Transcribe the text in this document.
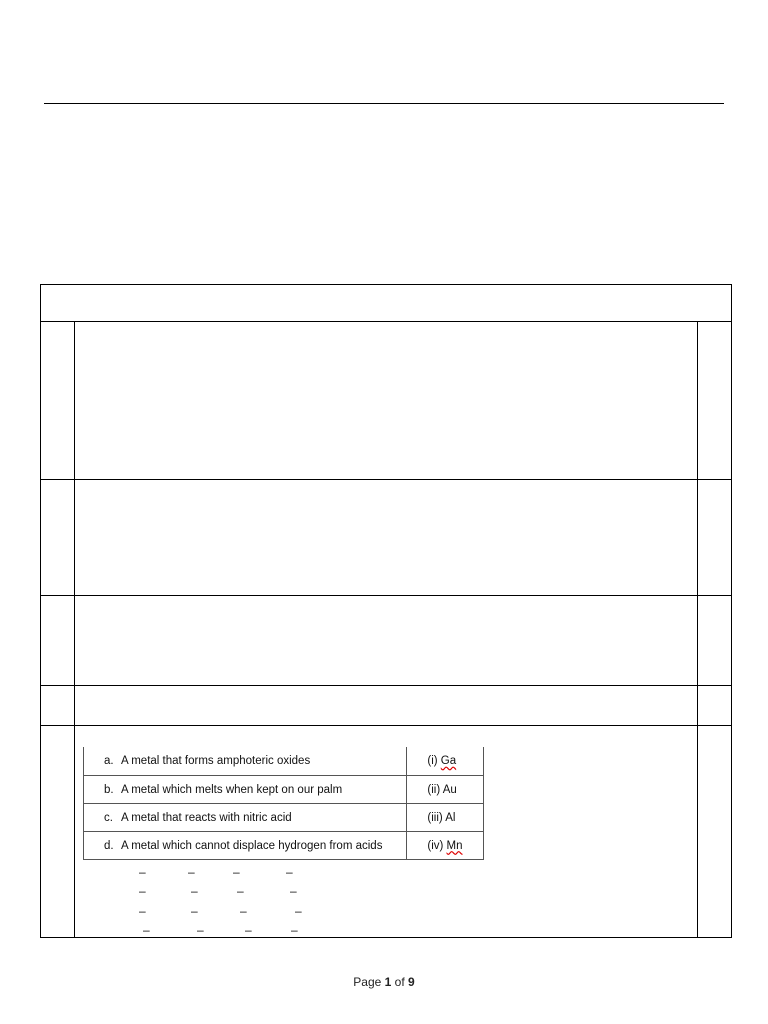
a. A metal that forms amphoteric oxides	(i) Ga
b. A metal which melts when kept on our palm	(ii) Au
c. A metal that reacts with nitric acid	(iii) Al

d. A metal which cannot displace hydrogen from acids	(iv) Mn
–	–	–	–
–	–	–	–
–	–	–	–
–	–	–	–
Page 1 of 9
